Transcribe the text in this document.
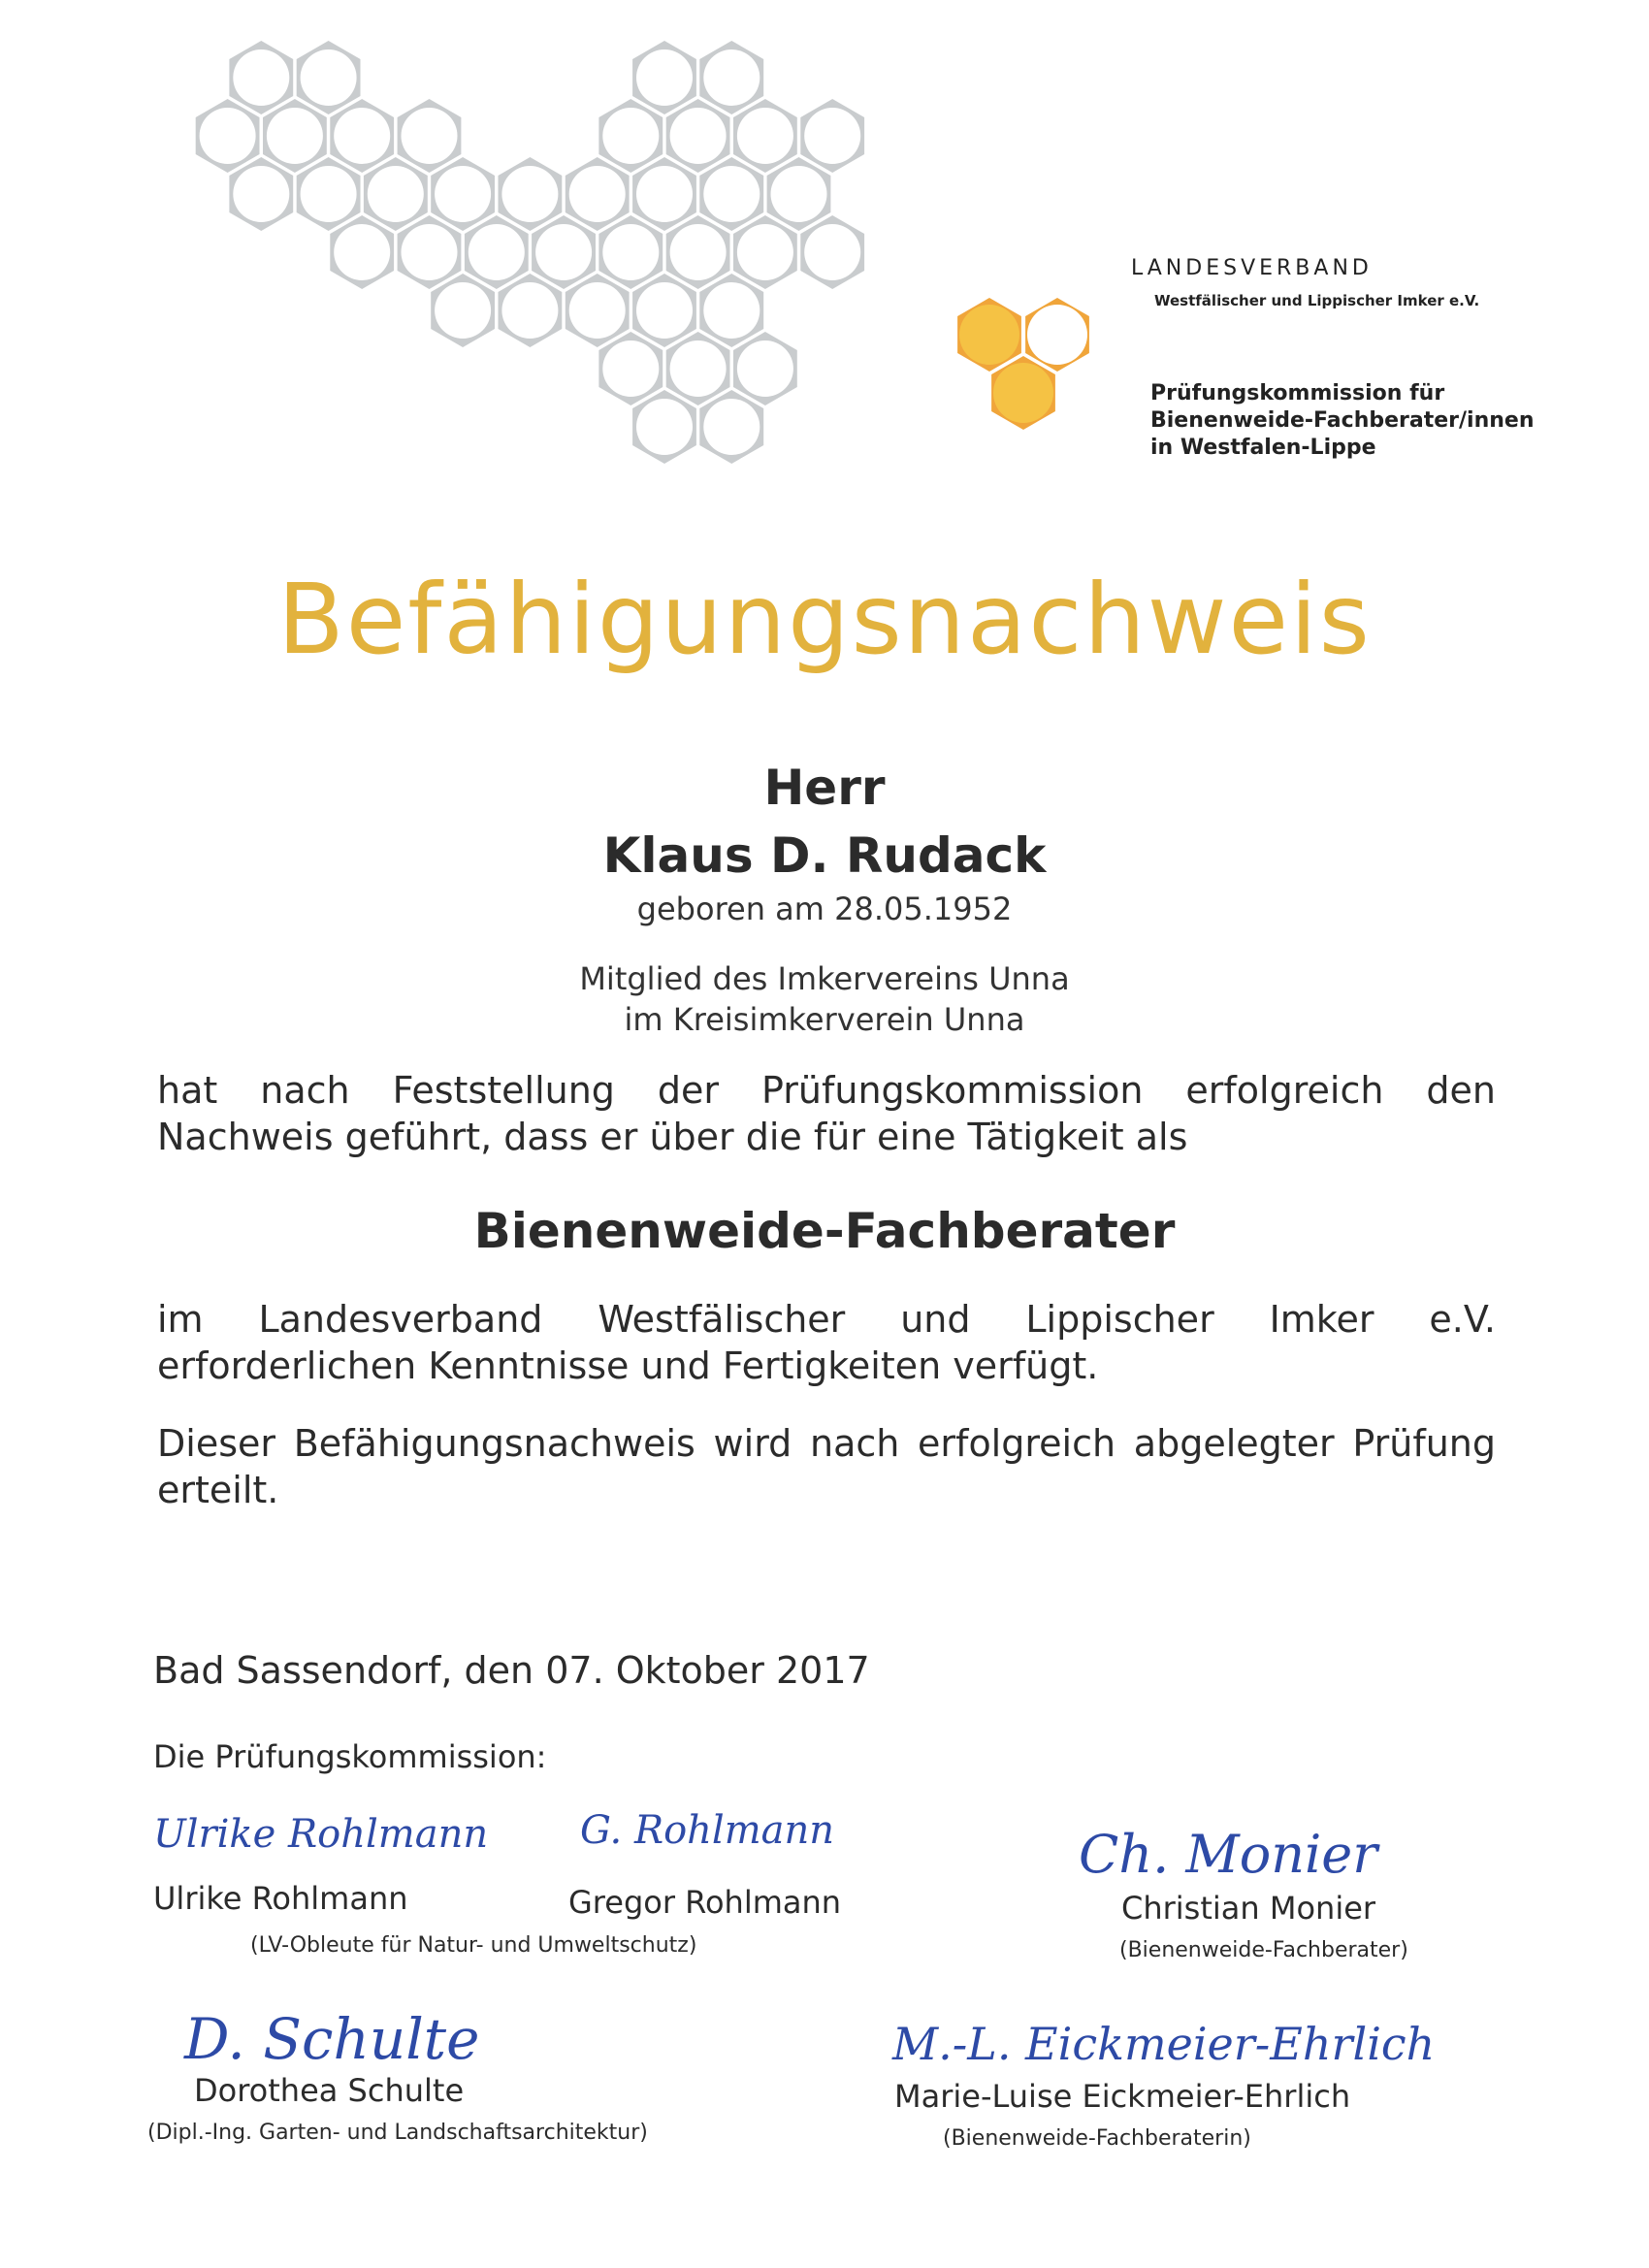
LANDESVERBAND
Westfälischer und Lippischer Imker e.V.
Prüfungskommission für
Bienenweide-Fachberater/innen
in Westfalen-Lippe
Befähigungsnachweis
Herr
Klaus D. Rudack
geboren am 28.05.1952
Mitglied des Imkervereins Unna
im Kreisimkerverein Unna
hat nach Feststellung der Prüfungskommission erfolgreich den Nachweis geführt, dass er über die für eine Tätigkeit als
Bienenweide-Fachberater
im Landesverband Westfälischer und Lippischer Imker e.V. erforderlichen Kenntnisse und Fertigkeiten verfügt.
Dieser Befähigungsnachweis wird nach erfolgreich abgelegter Prüfung erteilt.
Bad Sassendorf, den 07. Oktober 2017
Die Prüfungskommission:
Ulrike Rohlmann
Ulrike Rohlmann
G. Rohlmann
Gregor Rohlmann
(LV-Obleute für Natur- und Umweltschutz)
Ch. Monier
Christian Monier
(Bienenweide-Fachberater)
D. Schulte
Dorothea Schulte
(Dipl.-Ing. Garten- und Landschaftsarchitektur)
M.-L. Eickmeier-Ehrlich
Marie-Luise Eickmeier-Ehrlich
(Bienenweide-Fachberaterin)
